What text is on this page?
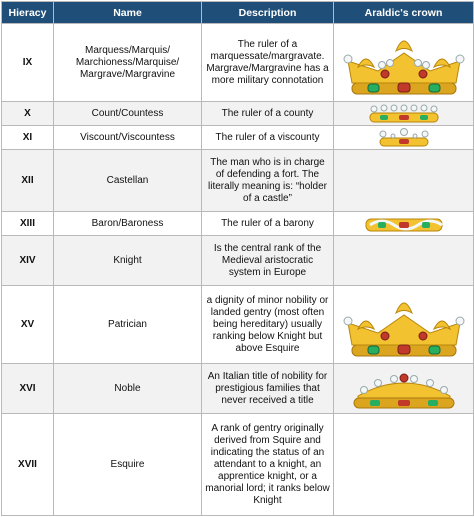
Hieracy	Name	Description	Araldic's crown
IX	Marquess/Marquis/ Marchioness/Marquise/ Margrave/Margravine	The ruler of a marquessate/margravate. Margrave/Margravine has a more military connotation	

X	Count/Countess	The ruler of a county	

XI	Viscount/Viscountess	The ruler of a viscounty	

XII	Castellan	The man who is in charge of defending a fort. The literally meaning is: “holder of a castle”	
XIII	Baron/Baroness	The ruler of a barony	

XIV	Knight	Is the central rank of the Medieval aristocratic system in Europe	
XV	Patrician	a dignity of minor nobility or landed gentry (most often being hereditary) usually ranking below Knight but above Esquire	

XVI	Noble	An Italian title of nobility for prestigious families that never received a title	

XVII	Esquire	A rank of gentry originally derived from Squire and indicating the status of an attendant to a knight, an apprentice knight, or a manorial lord; it ranks below Knight	
